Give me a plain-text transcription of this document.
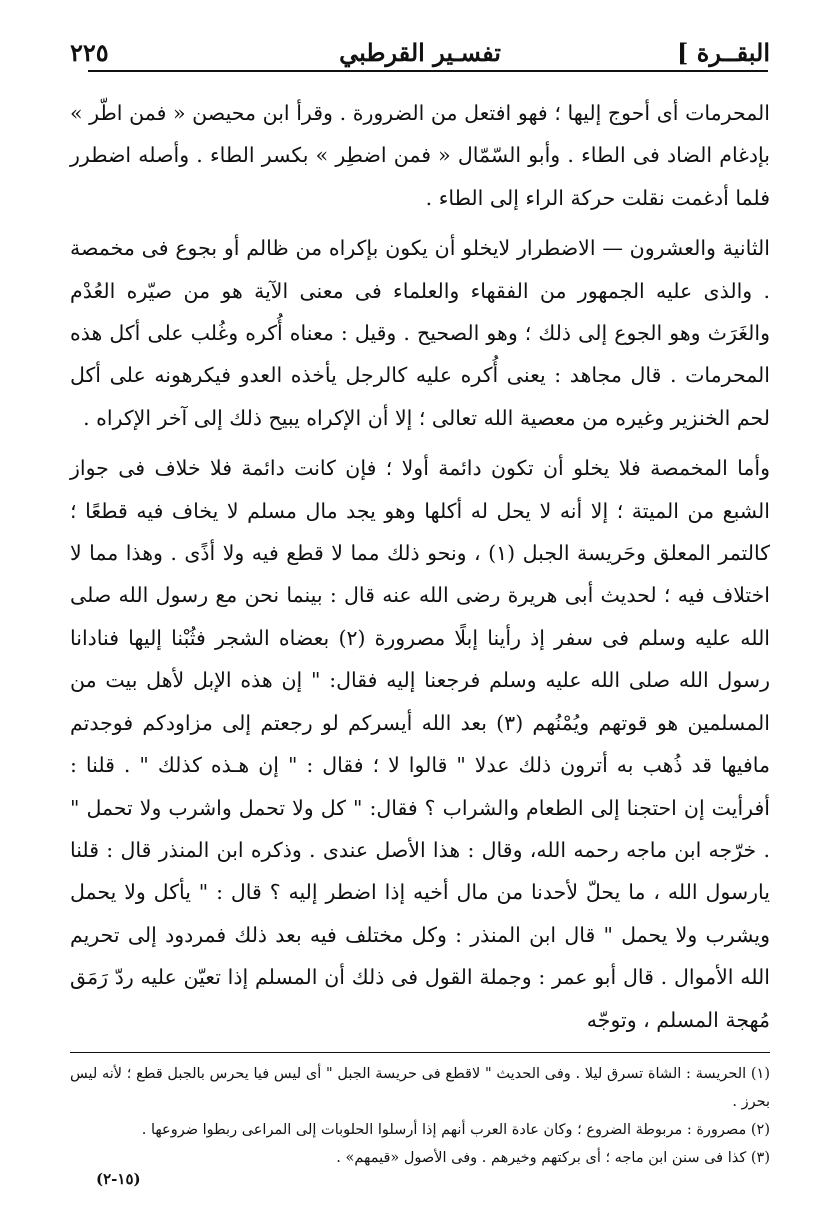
البقــرة ]
تفسـير القرطبي
٢٢٥

المحرمات أى أحوج إليها ؛ فهو افتعل من الضرورة . وقرأ ابن محيصن « فمن اطّر » بإدغام الضاد فى الطاء . وأبو السّمّال « فمن اضطِر » بكسر الطاء . وأصله اضطرر فلما أدغمت نقلت حركة الراء إلى الطاء .

الثانية والعشرون — الاضطرار لايخلو أن يكون بإكراه من ظالم أو بجوع فى مخمصة . والذى عليه الجمهور من الفقهاء والعلماء فى معنى الآية هو من صيّره العُدْم والغَرَث وهو الجوع إلى ذلك ؛ وهو الصحيح . وقيل : معناه أُكره وغُلب على أكل هذه المحرمات . قال مجاهد : يعنى أُكره عليه كالرجل يأخذه العدو فيكرهونه على أكل لحم الخنزير وغيره من معصية الله تعالى ؛ إلا أن الإكراه يبيح ذلك إلى آخر الإكراه .

وأما المخمصة فلا يخلو أن تكون دائمة أولا ؛ فإن كانت دائمة فلا خلاف فى جواز الشبع من الميتة ؛ إلا أنه لا يحل له أكلها وهو يجد مال مسلم لا يخاف فيه قطعًا ؛ كالتمر المعلق وحَريسة الجبل (١) ، ونحو ذلك مما لا قطع فيه ولا أذًى . وهذا مما لا اختلاف فيه ؛ لحديث أبى هريرة رضى الله عنه قال : بينما نحن مع رسول الله صلى الله عليه وسلم فى سفر إذ رأينا إبلًا مصرورة (٢) بعضاه الشجر فثُبْنا إليها فنادانا رسول الله صلى الله عليه وسلم فرجعنا إليه فقال: " إن هذه الإبل لأهل بيت من المسلمين هو قوتهم ويُمْنُهم (٣) بعد الله أيسركم لو رجعتم إلى مزاودكم فوجدتم مافيها قد ذُهب به أترون ذلك عدلا " قالوا لا ؛ فقال : " إن هـذه كذلك " . قلنا : أفرأيت إن احتجنا إلى الطعام والشراب ؟ فقال: " كل ولا تحمل واشرب ولا تحمل " . خرّجه ابن ماجه رحمه الله، وقال : هذا الأصل عندى . وذكره ابن المنذر قال : قلنا يارسول الله ، ما يحلّ لأحدنا من مال أخيه إذا اضطر إليه ؟ قال : " يأكل ولا يحمل ويشرب ولا يحمل " قال ابن المنذر : وكل مختلف فيه بعد ذلك فمردود إلى تحريم الله الأموال . قال أبو عمر : وجملة القول فى ذلك أن المسلم إذا تعيّن عليه ردّ رَمَق مُهجة المسلم ، وتوجّه

(١) الحريسة : الشاة تسرق ليلا . وفى الحديث " لاقطع فى حريسة الجبل " أى ليس فيا يحرس بالجبل قطع ؛ لأنه ليس بحرز .

(٢) مصرورة : مربوطة الضروع ؛ وكان عادة العرب أنهم إذا أرسلوا الحلوبات إلى المراعى ربطوا ضروعها .

(٣) كذا فى سنن ابن ماجه ؛ أى بركتهم وخيرهم . وفى الأصول «قيمهم» .

(١٥-٢)
